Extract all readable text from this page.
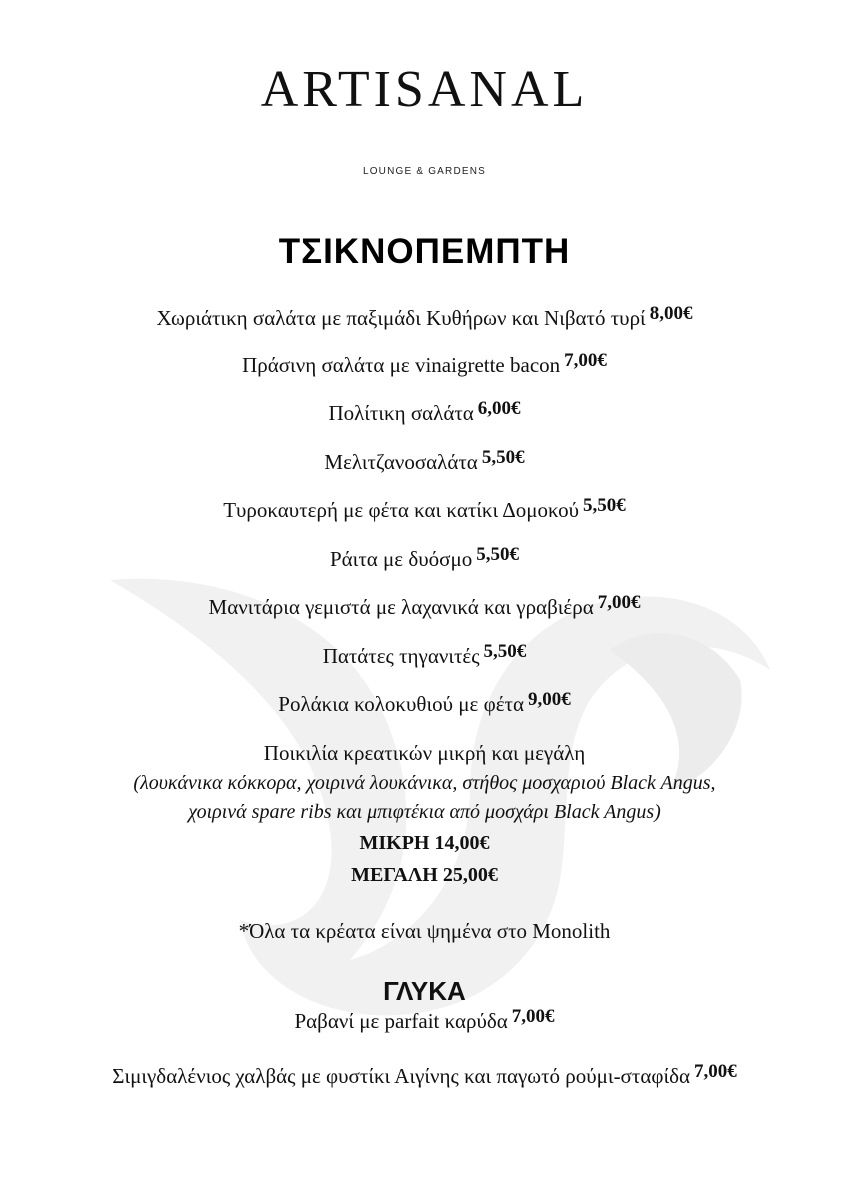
ARTISANAL
LOUNGE & GARDENS
ΤΣΙΚΝΟΠΕΜΠΤΗ
Χωριάτικη σαλάτα με παξιμάδι Κυθήρων και Νιβατό τυρί 8,00€
Πράσινη σαλάτα με vinaigrette bacon 7,00€
Πολίτικη σαλάτα 6,00€
Μελιτζανοσαλάτα 5,50€
Τυροκαυτερή με φέτα και κατίκι Δομοκού 5,50€
Ράιτα με δυόσμο 5,50€
Μανιτάρια γεμιστά με λαχανικά και γραβιέρα 7,00€
Πατάτες τηγανιτές 5,50€
Ρολάκια κολοκυθιού με φέτα 9,00€
Ποικιλία κρεατικών μικρή και μεγάλη
(λουκάνικα κόκκορα, χοιρινά λουκάνικα, στήθος μοσχαριού Black Angus,
χοιρινά spare ribs και μπιφτέκια από μοσχάρι Black Angus)
ΜΙΚΡΗ 14,00€
ΜΕΓΑΛΗ 25,00€
*Όλα τα κρέατα είναι ψημένα στο Monolith
ΓΛΥΚΑ
Ραβανί με parfait καρύδα 7,00€
Σιμιγδαλένιος χαλβάς με φυστίκι Αιγίνης και παγωτό ρούμι-σταφίδα 7,00€
